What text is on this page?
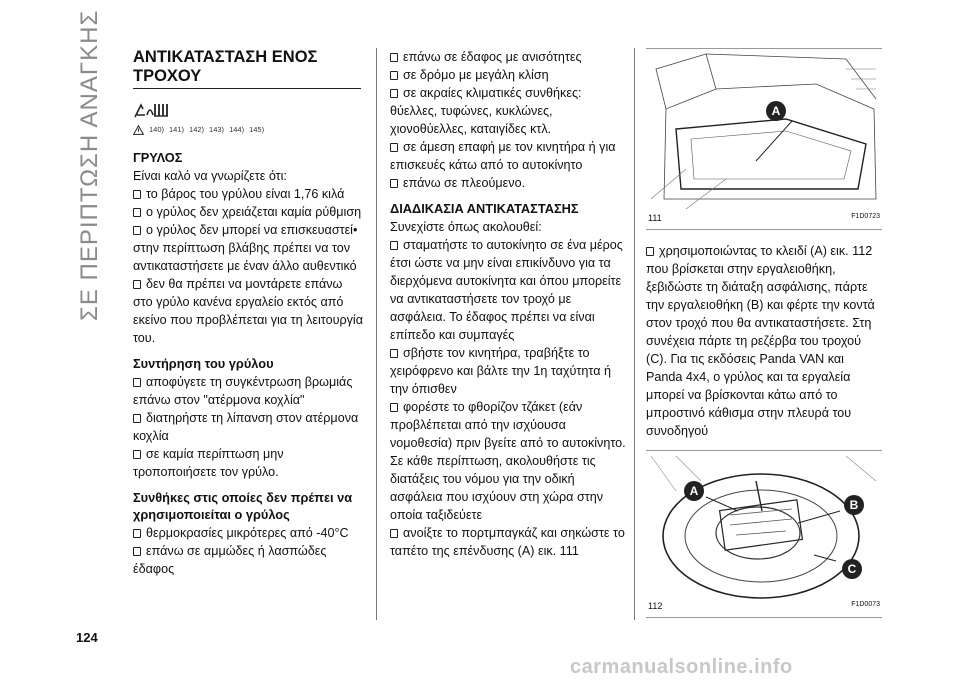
ΣΕ ΠΕΡΙΠΤΩΣΗ ΑΝΑΓΚΗΣ
124

ΑΝΤΙΚΑΤΑΣΤΑΣΗ ΕΝΟΣ

ΤΡΟΧΟΥ

140) 141) 142) 143) 144) 145)
ΓΡΥΛΟΣ

Είναι καλό να γνωρίζετε ότι:

το βάρος του γρύλου είναι 1,76 κιλά

ο γρύλος δεν χρειάζεται καμία ρύθμιση

ο γρύλος δεν μπορεί να επισκευαστεί• στην περίπτωση βλάβης πρέπει να τον αντικαταστήσετε με έναν άλλο αυθεντικό

δεν θα πρέπει να μοντάρετε επάνω στο γρύλο κανένα εργαλείο εκτός από εκείνο που προβλέπεται για τη λειτουργία του.

Συντήρηση του γρύλου

αποφύγετε τη συγκέντρωση βρωμιάς επάνω στον "ατέρμονα κοχλία"

διατηρήστε τη λίπανση στον ατέρμονα κοχλία

σε καμία περίπτωση μην τροποποιήσετε τον γρύλο.

Συνθήκες στις οποίες δεν πρέπει να χρησιμοποιείται ο γρύλος

θερμοκρασίες μικρότερες από -40°C

επάνω σε αμμώδες ή λασπώδες έδαφος

επάνω σε έδαφος με ανισότητες

σε δρόμο με μεγάλη κλίση

σε ακραίες κλιματικές συνθήκες: θύελλες, τυφώνες, κυκλώνες, χιονοθύελλες, καταιγίδες κτλ.

σε άμεση επαφή με τον κινητήρα ή για επισκευές κάτω από το αυτοκίνητο

επάνω σε πλεούμενο.

ΔΙΑΔΙΚΑΣΙΑ ΑΝΤΙΚΑΤΑΣΤΑΣΗΣ

Συνεχίστε όπως ακολουθεί:

σταματήστε το αυτοκίνητο σε ένα μέρος έτσι ώστε να μην είναι επικίνδυνο για τα διερχόμενα αυτοκίνητα και όπου μπορείτε να αντικαταστήσετε τον τροχό με ασφάλεια. Το έδαφος πρέπει να είναι επίπεδο και συμπαγές

σβήστε τον κινητήρα, τραβήξτε το χειρόφρενο και βάλτε την 1η ταχύτητα ή την όπισθεν

φορέστε το φθορίζον τζάκετ (εάν προβλέπεται από την ισχύουσα νομοθεσία) πριν βγείτε από το αυτοκίνητο. Σε κάθε περίπτωση, ακολουθήστε τις διατάξεις του νόμου για την οδική ασφάλεια που ισχύουν στη χώρα στην οποία ταξιδεύετε

ανοίξτε το πορτμπαγκάζ και σηκώστε το ταπέτο της επένδυσης (A) εικ. 111

A
111	F1D0723

χρησιμοποιώντας το κλειδί (A) εικ. 112 που βρίσκεται στην εργαλειοθήκη, ξεβιδώστε τη διάταξη ασφάλισης, πάρτε την εργαλειοθήκη (B) και φέρτε την κοντά στον τροχό που θα αντικαταστήσετε. Στη συνέχεια πάρτε τη ρεζέρβα του τροχού (C). Για τις εκδόσεις Panda VAN και Panda 4x4, ο γρύλος και τα εργαλεία μπορεί να βρίσκονται κάτω από το μπροστινό κάθισμα στην πλευρά του συνοδηγού

A
B
C
112	F1D0073
carmanualsonline.info
